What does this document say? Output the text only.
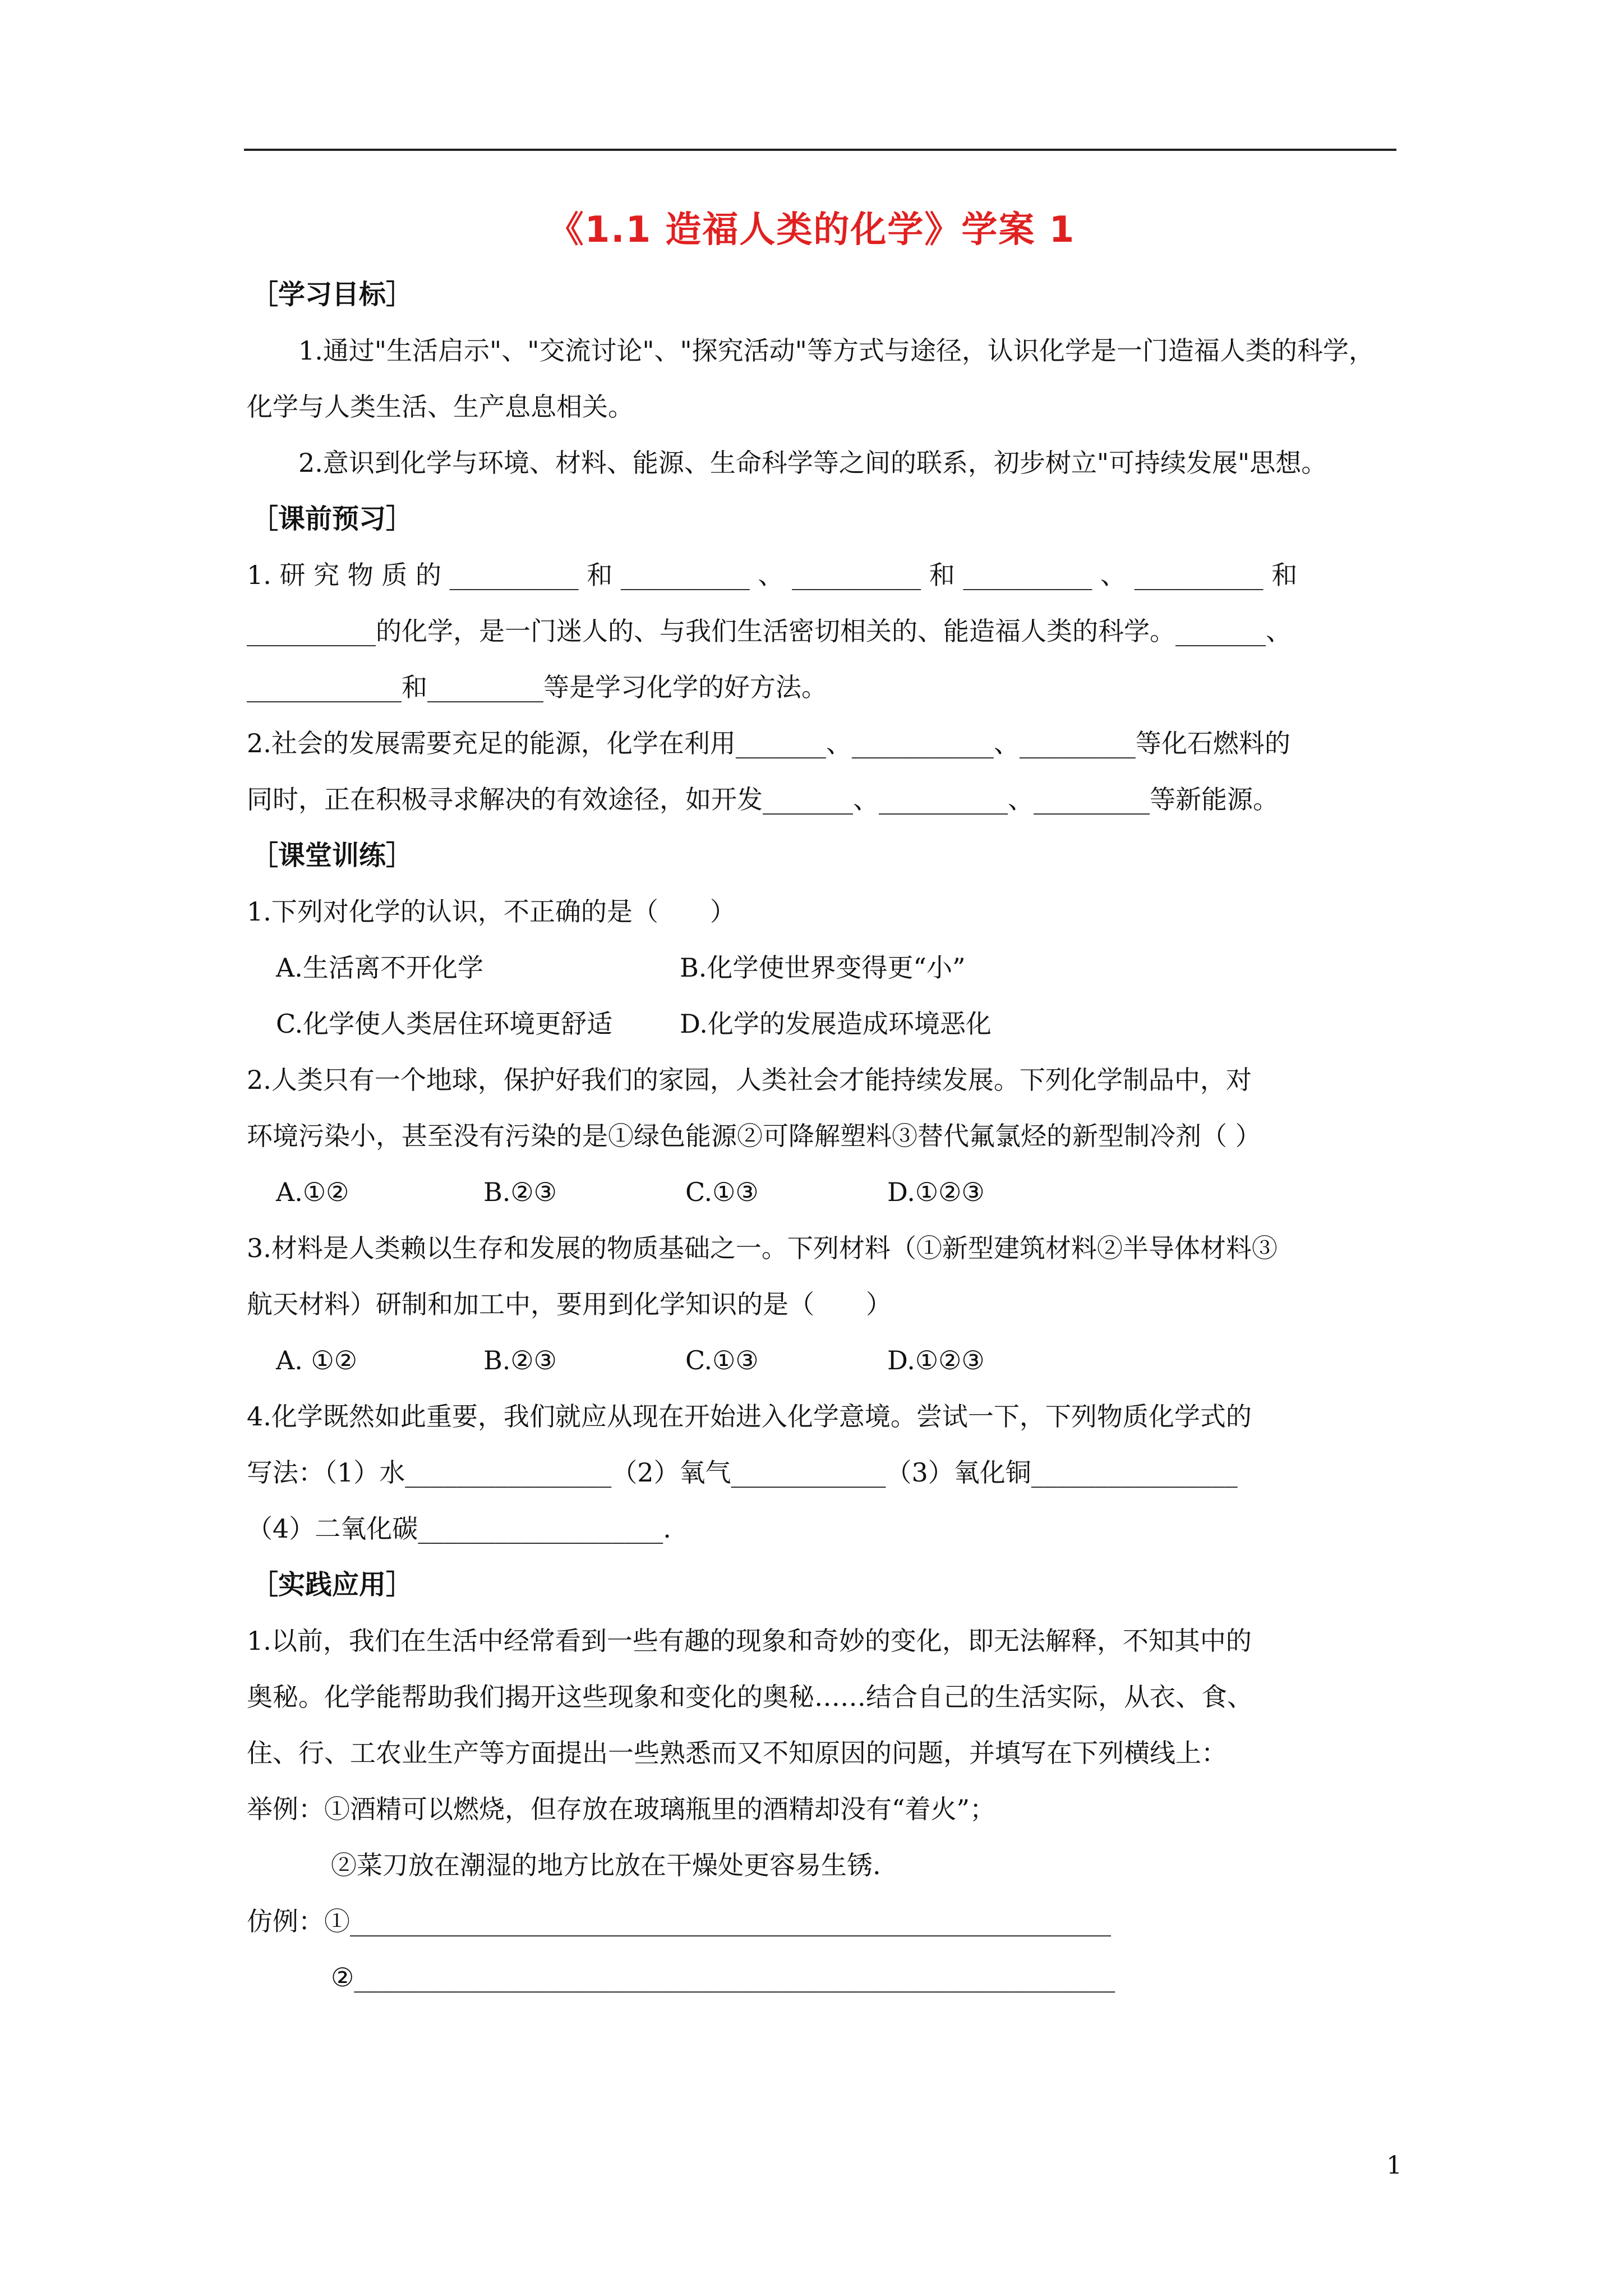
《1.1 造福人类的化学》学案 1
［学习目标］

1.通过"生活启示"、"交流讨论"、"探究活动"等方式与途径，认识化学是一门造福人类的科学，化学与人类生活、生产息息相关。

2.意识到化学与环境、材料、能源、生命科学等之间的联系，初步树立"可持续发展"思想。

［课前预习］

1. 研 究 物 质 的 __________ 和 __________ 、 __________ 和 __________ 、 __________ 和

__________的化学，是一门迷人的、与我们生活密切相关的、能造福人类的科学。_______、

____________和_________等是学习化学的好方法。

2.社会的发展需要充足的能源，化学在利用_______、___________、_________等化石燃料的

同时，正在积极寻求解决的有效途径，如开发_______、__________、_________等新能源。

［课堂训练］

1.下列对化学的认识，不正确的是（　　）

A.生活离不开化学	B.化学使世界变得更“小”
C.化学使人类居住环境更舒适	D.化学的发展造成环境恶化

2.人类只有一个地球，保护好我们的家园，人类社会才能持续发展。下列化学制品中，对

环境污染小，甚至没有污染的是①绿色能源②可降解塑料③替代氟氯烃的新型制冷剂（ ）

A.①②	B.②③	C.①③	D.①②③

3.材料是人类赖以生存和发展的物质基础之一。下列材料（①新型建筑材料②半导体材料③

航天材料）研制和加工中，要用到化学知识的是（　　）

A. ①②	B.②③	C.①③	D.①②③

4.化学既然如此重要，我们就应从现在开始进入化学意境。尝试一下，下列物质化学式的

写法：（1）水________________（2）氧气____________（3）氧化铜________________

（4）二氧化碳___________________.

［实践应用］

1.以前，我们在生活中经常看到一些有趣的现象和奇妙的变化，即无法解释，不知其中的

奥秘。化学能帮助我们揭开这些现象和变化的奥秘……结合自己的生活实际，从衣、食、

住、行、工农业生产等方面提出一些熟悉而又不知原因的问题，并填写在下列横线上：

举例：①酒精可以燃烧，但存放在玻璃瓶里的酒精却没有“着火”；

②菜刀放在潮湿的地方比放在干燥处更容易生锈.

仿例：①___________________________________________________________

②___________________________________________________________

1
